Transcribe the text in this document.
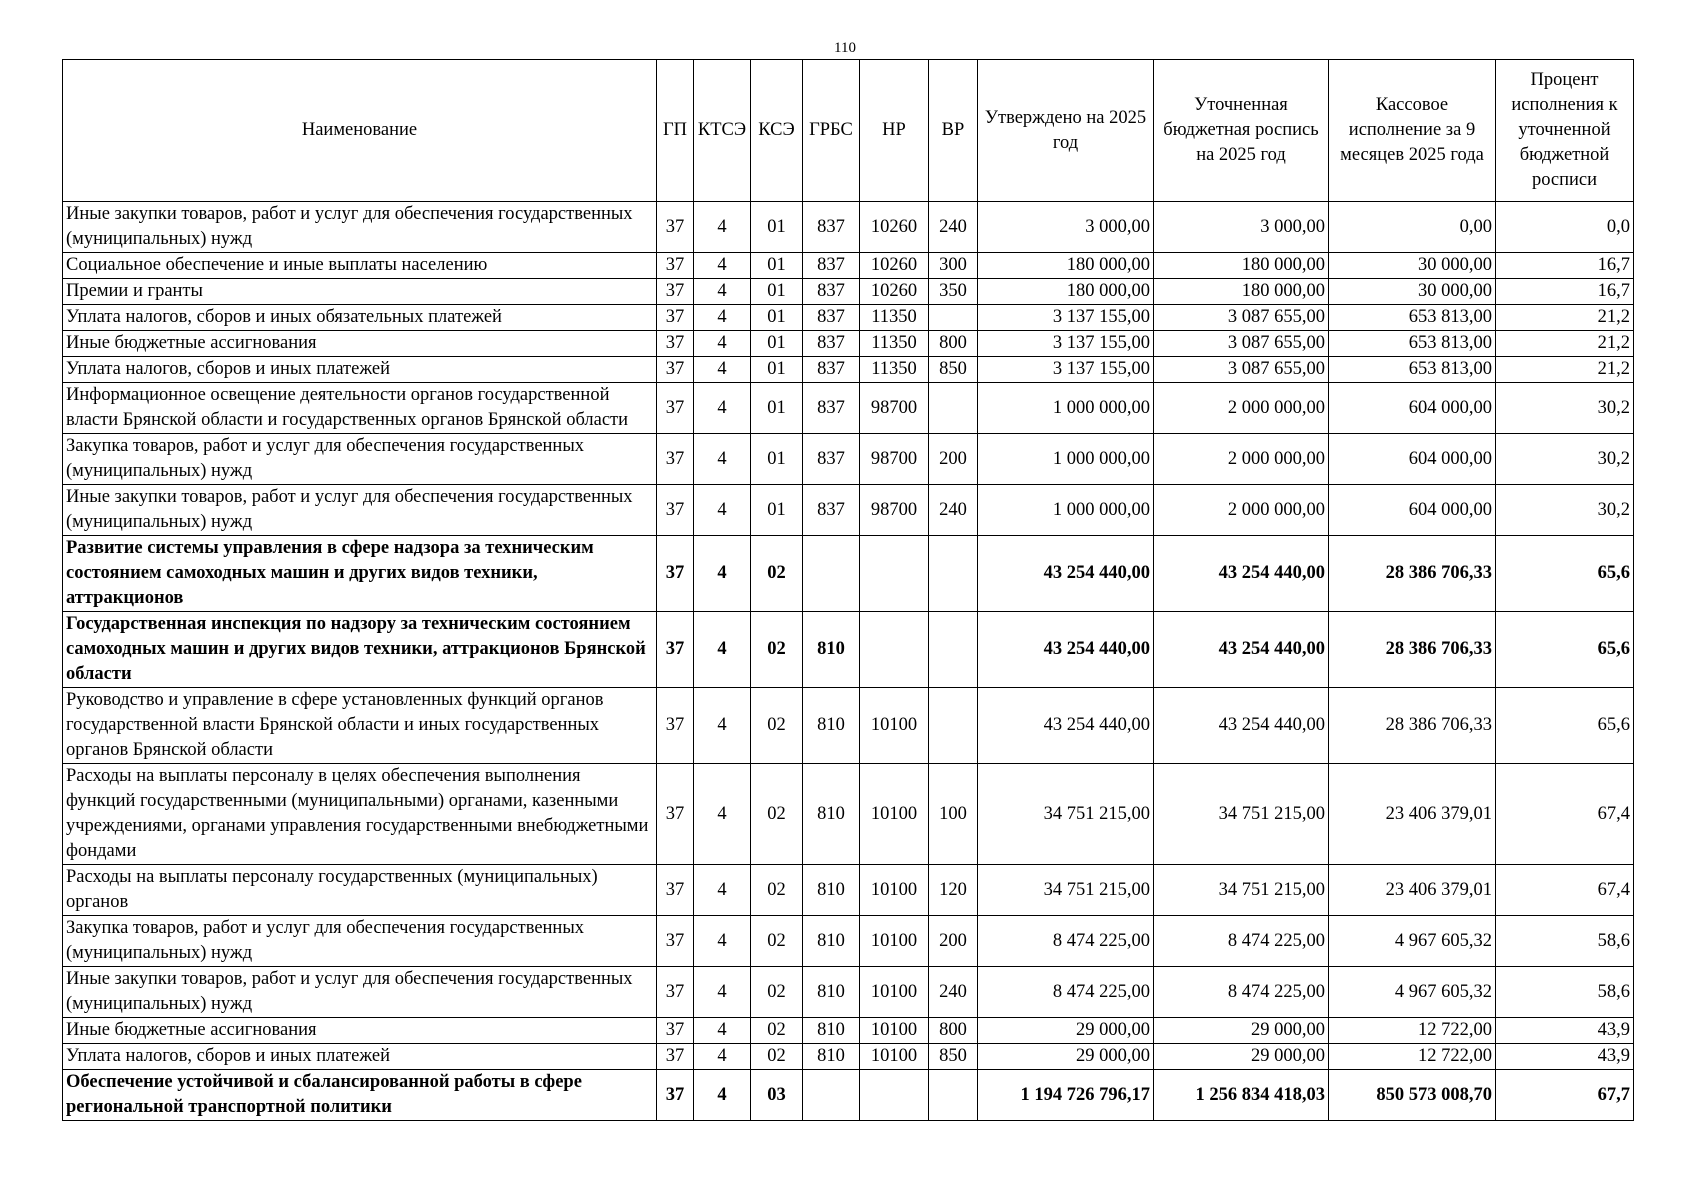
110
Наименование	ГП	КТСЭ	КСЭ	ГРБС	НР	ВР	Утверждено на 2025 год	Уточненная бюджетная роспись на 2025 год	Кассовое исполнение за 9 месяцев 2025 года	Процент исполнения к уточненной бюджетной росписи
Иные закупки товаров, работ и услуг для обеспечения государственных (муниципальных) нужд	37	4	01	837	10260	240	3 000,00	3 000,00	0,00	0,0
Социальное обеспечение и иные выплаты населению	37	4	01	837	10260	300	180 000,00	180 000,00	30 000,00	16,7
Премии и гранты	37	4	01	837	10260	350	180 000,00	180 000,00	30 000,00	16,7
Уплата налогов, сборов и иных обязательных платежей	37	4	01	837	11350		3 137 155,00	3 087 655,00	653 813,00	21,2
Иные бюджетные ассигнования	37	4	01	837	11350	800	3 137 155,00	3 087 655,00	653 813,00	21,2
Уплата налогов, сборов и иных платежей	37	4	01	837	11350	850	3 137 155,00	3 087 655,00	653 813,00	21,2
Информационное освещение деятельности органов государственной власти Брянской области и государственных органов Брянской области	37	4	01	837	98700		1 000 000,00	2 000 000,00	604 000,00	30,2
Закупка товаров, работ и услуг для обеспечения государственных (муниципальных) нужд	37	4	01	837	98700	200	1 000 000,00	2 000 000,00	604 000,00	30,2
Иные закупки товаров, работ и услуг для обеспечения государственных (муниципальных) нужд	37	4	01	837	98700	240	1 000 000,00	2 000 000,00	604 000,00	30,2
Развитие системы управления в сфере надзора за техническим состоянием самоходных машин и других видов техники, аттракционов	37	4	02				43 254 440,00	43 254 440,00	28 386 706,33	65,6
Государственная инспекция по надзору за техническим состоянием самоходных машин и других видов техники, аттракционов Брянской области	37	4	02	810			43 254 440,00	43 254 440,00	28 386 706,33	65,6
Руководство и управление в сфере установленных функций органов государственной власти Брянской области и иных государственных органов Брянской области	37	4	02	810	10100		43 254 440,00	43 254 440,00	28 386 706,33	65,6
Расходы на выплаты персоналу в целях обеспечения выполнения функций государственными (муниципальными) органами, казенными учреждениями, органами управления государственными внебюджетными фондами	37	4	02	810	10100	100	34 751 215,00	34 751 215,00	23 406 379,01	67,4
Расходы на выплаты персоналу государственных (муниципальных) органов	37	4	02	810	10100	120	34 751 215,00	34 751 215,00	23 406 379,01	67,4
Закупка товаров, работ и услуг для обеспечения государственных (муниципальных) нужд	37	4	02	810	10100	200	8 474 225,00	8 474 225,00	4 967 605,32	58,6
Иные закупки товаров, работ и услуг для обеспечения государственных (муниципальных) нужд	37	4	02	810	10100	240	8 474 225,00	8 474 225,00	4 967 605,32	58,6
Иные бюджетные ассигнования	37	4	02	810	10100	800	29 000,00	29 000,00	12 722,00	43,9
Уплата налогов, сборов и иных платежей	37	4	02	810	10100	850	29 000,00	29 000,00	12 722,00	43,9
Обеспечение устойчивой и сбалансированной работы в сфере региональной транспортной политики	37	4	03				1 194 726 796,17	1 256 834 418,03	850 573 008,70	67,7
